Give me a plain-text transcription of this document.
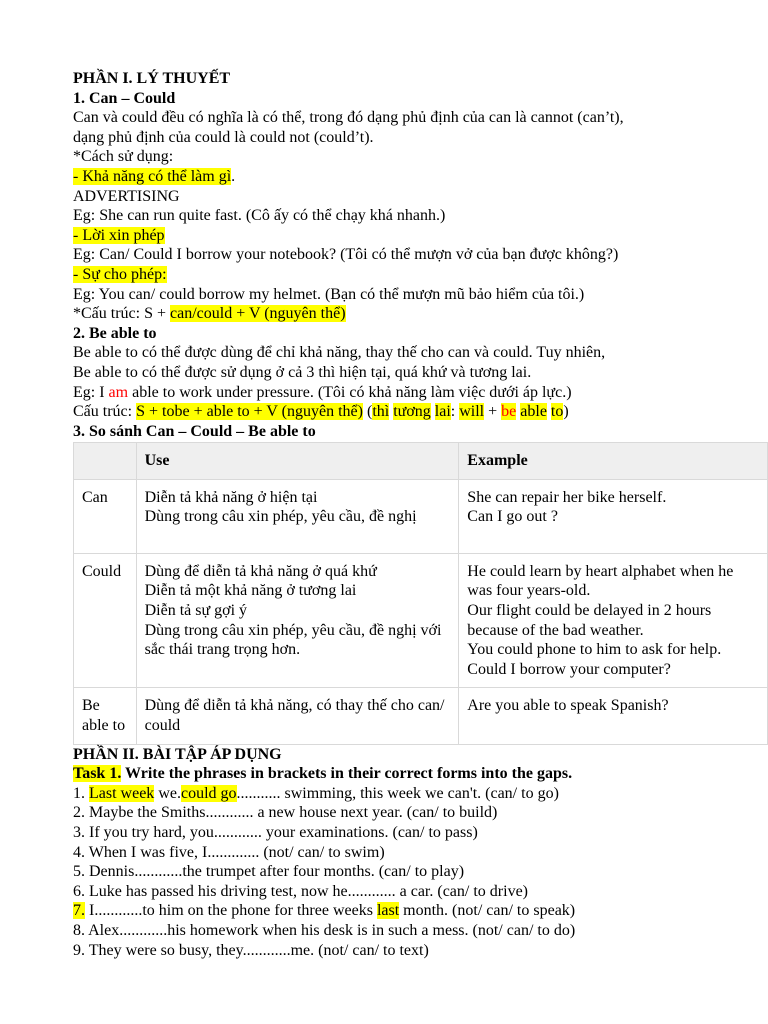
PHẦN I. LÝ THUYẾT
1. Can – Could
Can và could đều có nghĩa là có thể, trong đó dạng phủ định của can là cannot (can’t),
dạng phủ định của could là could not (could’t).
*Cách sử dụng:
- Khả năng có thể làm gì.
ADVERTISING
Eg: She can run quite fast. (Cô ấy có thể chạy khá nhanh.)
- Lời xin phép
Eg: Can/ Could I borrow your notebook? (Tôi có thể mượn vở của bạn được không?)
- Sự cho phép:
Eg: You can/ could borrow my helmet. (Bạn có thể mượn mũ bảo hiểm của tôi.)
*Cấu trúc: S + can/could + V (nguyên thể)
2. Be able to
Be able to có thể được dùng để chỉ khả năng, thay thế cho can và could. Tuy nhiên,
Be able to có thể được sử dụng ở cả 3 thì hiện tại, quá khứ và tương lai.
Eg: I am able to work under pressure. (Tôi có khả năng làm việc dưới áp lực.)
Cấu trúc: S + tobe + able to + V (nguyên thể) (thì tương lai: will + be able to)
3. So sánh Can – Could – Be able to
	Use	Example
Can	Diễn tả khả năng ở hiện tại
Dùng trong câu xin phép, yêu cầu, đề nghị	She can repair her bike herself.
Can I go out ?

Could	Dùng để diễn tả khả năng ở quá khứ
Diễn tả một khả năng ở tương lai
Diễn tả sự gợi ý
Dùng trong câu xin phép, yêu cầu, đề nghị với sắc thái trang trọng hơn.	He could learn by heart alphabet when he was four years-old.
Our flight could be delayed in 2 hours because of the bad weather.
You could phone to him to ask for help.
Could I borrow your computer?

Be able to	Dùng để diễn tả khả năng, có thay thế cho can/ could	Are you able to speak Spanish?
PHẦN II. BÀI TẬP ÁP DỤNG
Task 1. Write the phrases in brackets in their correct forms into the gaps.
1. Last week we.could go........... swimming, this week we can't. (can/ to go)
2. Maybe the Smiths............ a new house next year. (can/ to build)
3. If you try hard, you............ your examinations. (can/ to pass)
4. When I was five, I............. (not/ can/ to swim)
5. Dennis............the trumpet after four months. (can/ to play)
6. Luke has passed his driving test, now he............ a car. (can/ to drive)
7. I............to him on the phone for three weeks last month. (not/ can/ to speak)
8. Alex............his homework when his desk is in such a mess. (not/ can/ to do)
9. They were so busy, they............me. (not/ can/ to text)
